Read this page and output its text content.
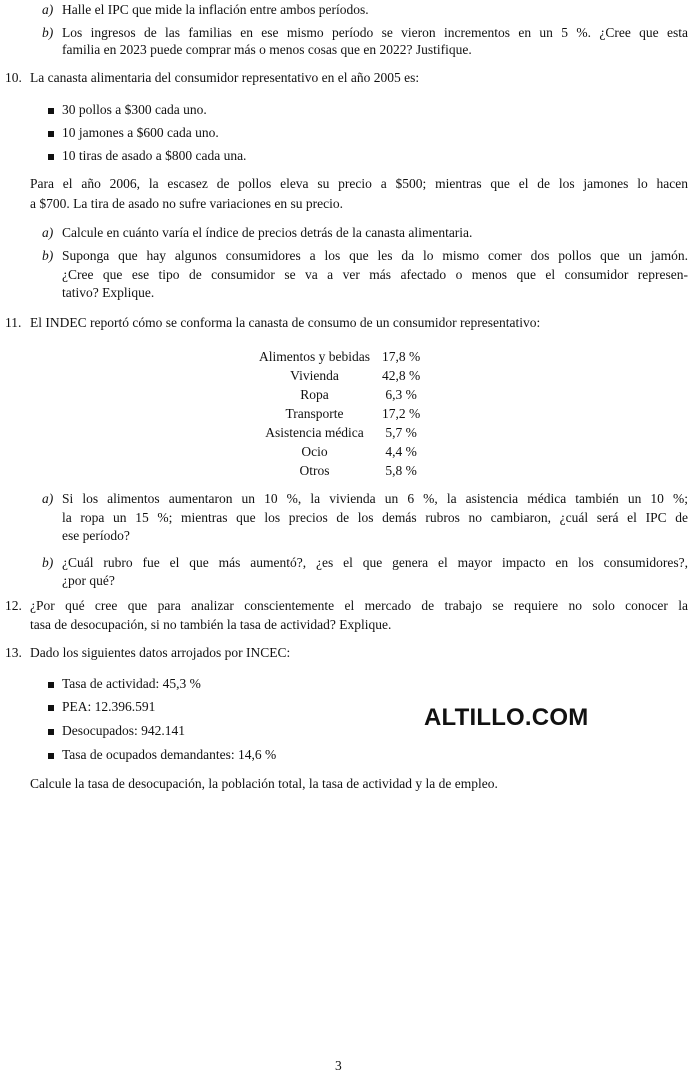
a) Halle el IPC que mide la inflación entre ambos períodos.
b) Los ingresos de las familias en ese mismo período se vieron incrementos en un 5 %. ¿Cree que esta
familia en 2023 puede comprar más o menos cosas que en 2022? Justifique.
10. La canasta alimentaria del consumidor representativo en el año 2005 es:
30 pollos a $300 cada uno.
10 jamones a $600 cada uno.
10 tiras de asado a $800 cada una.
Para el año 2006, la escasez de pollos eleva su precio a $500; mientras que el de los jamones lo hacen
a $700. La tira de asado no sufre variaciones en su precio.
a) Calcule en cuánto varía el índice de precios detrás de la canasta alimentaria.
b) Suponga que hay algunos consumidores a los que les da lo mismo comer dos pollos que un jamón.
¿Cree que ese tipo de consumidor se va a ver más afectado o menos que el consumidor represen-
tativo? Explique.
11. El INDEC reportó cómo se conforma la canasta de consumo de un consumidor representativo:
Alimentos y bebidas	17,8 %
Vivienda	42,8 %
Ropa	6,3 %
Transporte	17,2 %
Asistencia médica	5,7 %
Ocio	4,4 %
Otros	5,8 %
a) Si los alimentos aumentaron un 10 %, la vivienda un 6 %, la asistencia médica también un 10 %;
la ropa un 15 %; mientras que los precios de los demás rubros no cambiaron, ¿cuál será el IPC de
ese período?
b) ¿Cuál rubro fue el que más aumentó?, ¿es el que genera el mayor impacto en los consumidores?,
¿por qué?
12. ¿Por qué cree que para analizar conscientemente el mercado de trabajo se requiere no solo conocer la
tasa de desocupación, si no también la tasa de actividad? Explique.
13. Dado los siguientes datos arrojados por INCEC:
Tasa de actividad: 45,3 %
PEA: 12.396.591
Desocupados: 942.141
Tasa de ocupados demandantes: 14,6 %
Calcule la tasa de desocupación, la población total, la tasa de actividad y la de empleo.
ALTILLO.COM
3
